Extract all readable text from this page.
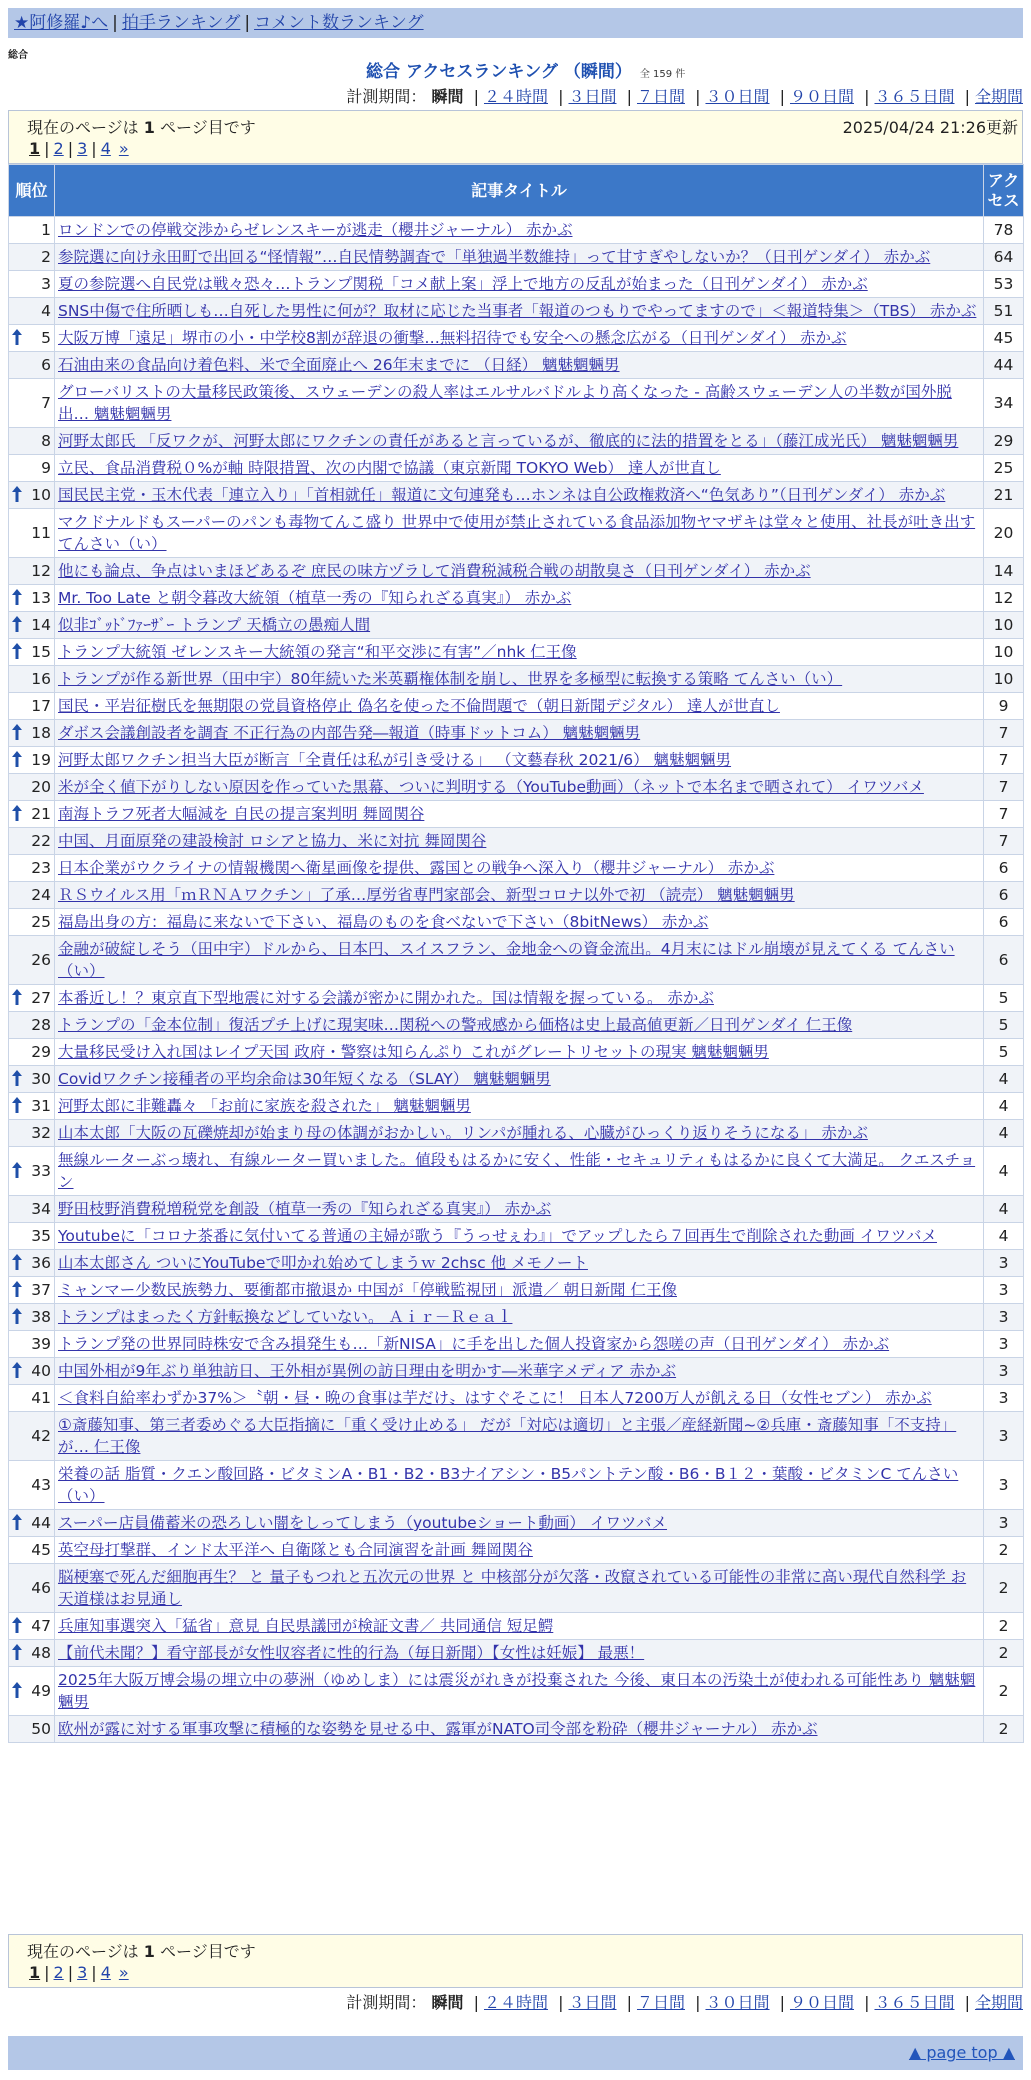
★阿修羅♪へ | 拍手ランキング | コメント数ランキング
総合
総合 アクセスランキング （瞬間） 全 159 件
計測期間： 瞬間 | ２４時間 | ３日間 | ７日間 | ３０日間 | ９０日間 | ３６５日間 | 全期間
現在のページは 1 ページ目です	2025/04/24 21:26更新
1 | 2 | 3 | 4 »
順位	記事タイトル	アクセス
1	ロンドンでの停戦交渉からゼレンスキーが逃走（櫻井ジャーナル） 赤かぶ	78
2	参院選に向け永田町で出回る“怪情報”…自民情勢調査で「単独過半数維持」って甘すぎやしないか？（日刊ゲンダイ） 赤かぶ	64
3	夏の参院選へ自民党は戦々恐々…トランプ関税「コメ献上案」浮上で地方の反乱が始まった（日刊ゲンダイ） 赤かぶ	53
4	SNS中傷で住所晒しも…自死した男性に何が？取材に応じた当事者「報道のつもりでやってますので」＜報道特集＞（TBS） 赤かぶ	51

5	大阪万博「遠足」堺市の小・中学校8割が辞退の衝撃…無料招待でも安全への懸念広がる（日刊ゲンダイ） 赤かぶ	45
6	石油由来の食品向け着色料、米で全面廃止へ 26年末までに （日経） 魑魅魍魎男	44
7	グローバリストの大量移民政策後、スウェーデンの殺人率はエルサルバドルより高くなった - 高齢スウェーデン人の半数が国外脱出… 魑魅魍魎男	34
8	河野太郎氏 「反ワクが、河野太郎にワクチンの責任があると言っているが、徹底的に法的措置をとる」（藤江成光氏） 魑魅魍魎男	29
9	立民、食品消費税０%が軸 時限措置、次の内閣で協議（東京新聞 TOKYO Web） 達人が世直し	25

10	国民民主党・玉木代表「連立入り」「首相就任」報道に文句連発も…ホンネは自公政権救済へ“色気あり”（日刊ゲンダイ） 赤かぶ	21
11	マクドナルドもスーパーのパンも毒物てんこ盛り 世界中で使用が禁止されている食品添加物ヤマザキは堂々と使用、社長が吐き出す てんさい（い）	20
12	他にも論点、争点はいまほどあるぞ 庶民の味方ヅラして消費税減税合戦の胡散臭さ（日刊ゲンダイ） 赤かぶ	14

13	Mr. Too Late と朝令暮改大統領（植草一秀の『知られざる真実』） 赤かぶ	12

14	似非ｺﾞｯﾄﾞﾌｧｰｻﾞｰ トランプ 天橋立の愚痴人間	10

15	トランプ大統領 ゼレンスキー大統領の発言“和平交渉に有害”／nhk 仁王像	10
16	トランプが作る新世界（田中宇）80年続いた米英覇権体制を崩し、世界を多極型に転換する策略 てんさい（い）	10
17	国民・平岩征樹氏を無期限の党員資格停止 偽名を使った不倫問題で（朝日新聞デジタル） 達人が世直し	9

18	ダボス会議創設者を調査 不正行為の内部告発―報道（時事ドットコム） 魑魅魍魎男	7

19	河野太郎ワクチン担当大臣が断言「全責任は私が引き受ける」 （文藝春秋 2021/6） 魑魅魍魎男	7
20	米が全く値下がりしない原因を作っていた黒幕、ついに判明する（YouTube動画）（ネットで本名まで晒されて） イワツバメ	7

21	南海トラフ死者大幅減を 自民の提言案判明 舞岡関谷	7
22	中国、月面原発の建設検討 ロシアと協力、米に対抗 舞岡関谷	7
23	日本企業がウクライナの情報機関へ衛星画像を提供、露国との戦争へ深入り（櫻井ジャーナル） 赤かぶ	6
24	ＲＳウイルス用「ｍＲＮＡワクチン」了承…厚労省専門家部会、新型コロナ以外で初 （読売） 魑魅魍魎男	6
25	福島出身の方：福島に来ないで下さい、福島のものを食べないで下さい（8bitNews） 赤かぶ	6
26	金融が破綻しそう（田中宇）ドルから、日本円、スイスフラン、金地金への資金流出。4月末にはドル崩壊が見えてくる てんさい（い）	6

27	本番近し！？東京直下型地震に対する会議が密かに開かれた。国は情報を握っている。 赤かぶ	5
28	トランプの「金本位制」復活プチ上げに現実味…関税への警戒感から価格は史上最高値更新／日刊ゲンダイ 仁王像	5
29	大量移民受け入れ国はレイプ天国 政府・警察は知らんぷり これがグレートリセットの現実 魑魅魍魎男	5

30	Covidワクチン接種者の平均余命は30年短くなる（SLAY） 魑魅魍魎男	4

31	河野太郎に非難轟々 「お前に家族を殺された」 魑魅魍魎男	4
32	山本太郎「大阪の瓦礫焼却が始まり母の体調がおかしい。リンパが腫れる、心臓がひっくり返りそうになる」 赤かぶ	4

33	無線ルーターぶっ壊れ、有線ルーター買いました。値段もはるかに安く、性能・セキュリティもはるかに良くて大満足。 クエスチョン	4
34	野田枝野消費税増税党を創設（植草一秀の『知られざる真実』） 赤かぶ	4
35	Youtubeに「コロナ茶番に気付いてる普通の主婦が歌う『うっせぇわ』」でアップしたら７回再生で削除された動画 イワツバメ	4

36	山本太郎さん ついにYouTubeで叩かれ始めてしまうｗ 2chsc 他 メモノート	3

37	ミャンマー少数民族勢力、要衝都市撤退か 中国が「停戦監視団」派遣／ 朝日新聞 仁王像	3

38	トランプはまったく方針転換などしていない。 Ａｉｒ－Ｒｅａｌ	3
39	トランプ発の世界同時株安で含み損発生も…「新NISA」に手を出した個人投資家から怨嗟の声（日刊ゲンダイ） 赤かぶ	3

40	中国外相が9年ぶり単独訪日、王外相が異例の訪日理由を明かす―米華字メディア 赤かぶ	3
41	＜食料自給率わずか37%＞〝朝・昼・晩の食事は芋だけ〟はすぐそこに！ 日本人7200万人が飢える日（女性セブン） 赤かぶ	3
42	①斎藤知事、第三者委めぐる大臣指摘に「重く受け止める」 だが「対応は適切」と主張／産経新聞~②兵庫・斎藤知事「不支持」が… 仁王像	3
43	栄養の話 脂質・クエン酸回路・ビタミンA・B1・B2・B3ナイアシン・B5パントテン酸・B6・B１２・葉酸・ビタミンC てんさい（い）	3

44	スーパー店員備蓄米の恐ろしい闇をしってしまう（youtubeショート動画） イワツバメ	3
45	英空母打撃群、インド太平洋へ 自衛隊とも合同演習を計画 舞岡関谷	2
46	脳梗塞で死んだ細胞再生？ と 量子もつれと五次元の世界 と 中核部分が欠落・改竄されている可能性の非常に高い現代自然科学 お天道様はお見通し	2

47	兵庫知事選突入「猛省」意見 自民県議団が検証文書／ 共同通信 短足鰐	2

48	【前代未聞？】看守部長が女性収容者に性的行為（毎日新聞）【女性は妊娠】 最悪！	2

49	2025年大阪万博会場の埋立中の夢洲（ゆめしま）には震災がれきが投棄された 今後、東日本の汚染土が使われる可能性あり 魑魅魍魎男	2
50	欧州が露に対する軍事攻撃に積極的な姿勢を見せる中、露軍がNATO司令部を粉砕（櫻井ジャーナル） 赤かぶ	2
現在のページは 1 ページ目です
1 | 2 | 3 | 4 »
計測期間： 瞬間 | ２４時間 | ３日間 | ７日間 | ３０日間 | ９０日間 | ３６５日間 | 全期間
▲ page top ▲
